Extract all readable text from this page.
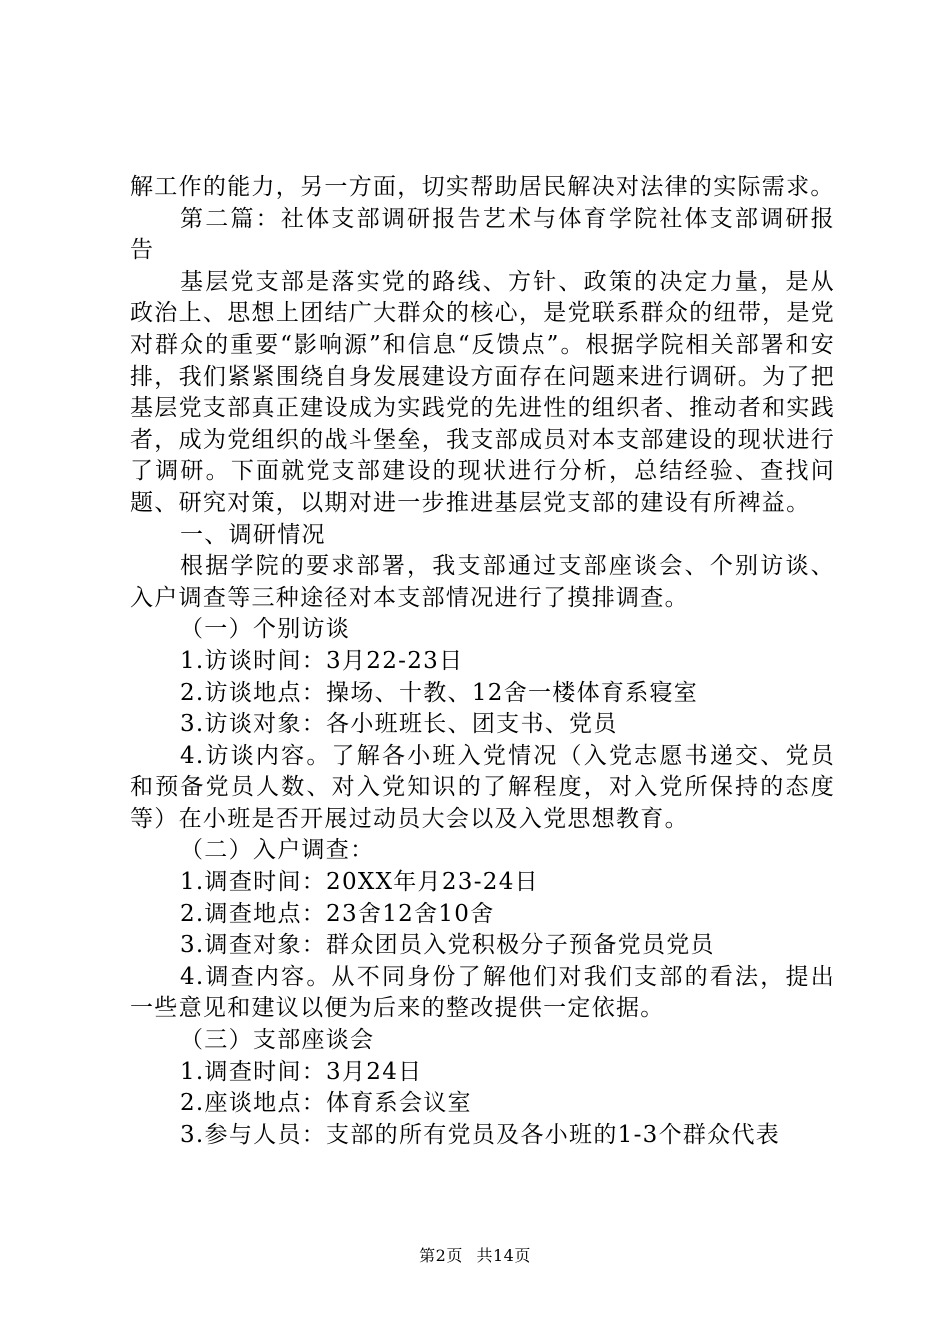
解工作的能力，另一方面，切实帮助居民解决对法律的实际需求。

第二篇：社体支部调研报告艺术与体育学院社体支部调研报告

基层党支部是落实党的路线、方针、政策的决定力量，是从政治上、思想上团结广大群众的核心，是党联系群众的纽带，是党对群众的重要“影响源”和信息“反馈点”。根据学院相关部署和安排，我们紧紧围绕自身发展建设方面存在问题来进行调研。为了把基层党支部真正建设成为实践党的先进性的组织者、推动者和实践者，成为党组织的战斗堡垒，我支部成员对本支部建设的现状进行了调研。下面就党支部建设的现状进行分析，总结经验、查找问题、研究对策，以期对进一步推进基层党支部的建设有所裨益。

一、调研情况

根据学院的要求部署，我支部通过支部座谈会、个别访谈、入户调查等三种途径对本支部情况进行了摸排调查。

（一）个别访谈

1.访谈时间：3月22-23日

2.访谈地点：操场、十教、12舍一楼体育系寝室

3.访谈对象：各小班班长、团支书、党员

4.访谈内容。了解各小班入党情况（入党志愿书递交、党员和预备党员人数、对入党知识的了解程度，对入党所保持的态度等）在小班是否开展过动员大会以及入党思想教育。

（二）入户调查：

1.调查时间：20XX年月23-24日

2.调查地点：23舍12舍10舍

3.调查对象：群众团员入党积极分子预备党员党员

4.调查内容。从不同身份了解他们对我们支部的看法，提出一些意见和建议以便为后来的整改提供一定依据。

（三）支部座谈会

1.调查时间：3月24日

2.座谈地点：体育系会议室

3.参与人员：支部的所有党员及各小班的1-3个群众代表

第2页 共14页
